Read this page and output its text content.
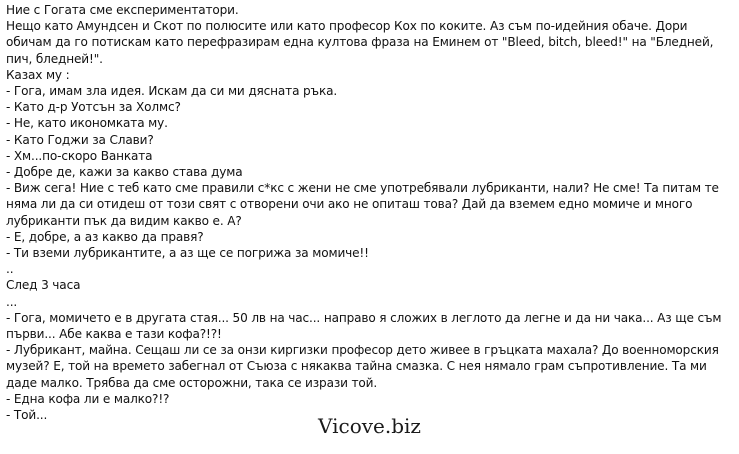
Ние с Гогата сме експериментатори.
Нещо като Амундсен и Скот по полюсите или като професор Кох по коките. Аз съм по-идейния обаче. Дори обичам да го потискам като перефразирам една култова фраза на Еминем от "Bleed, bitch, bleed!" на "Бледней, пич, бледней!".
Казах му :
- Гога, имам зла идея. Искам да си ми дясната ръка.
- Като д-р Уотсън за Холмс?
- Не, като икономката му.
- Като Годжи за Слави?
- Хм...по-скоро Ванката
- Добре де, кажи за какво става дума
- Виж сега! Ние с теб като сме правили с*кс с жени не сме употребявали лубриканти, нали? Не сме! Та питам те няма ли да си отидеш от този свят с отворени очи ако не опиташ това? Дай да вземем едно момиче и много лубриканти пък да видим какво е. А?
- Е, добре, а аз какво да правя?
- Ти вземи лубрикантите, а аз ще се погрижа за момиче!!
..
След 3 часа
...
- Гога, момичето е в другата стая... 50 лв на час... направо я сложих в леглото да легне и да ни чака... Аз ще съм първи... Абе каква е тази кофа?!?!
- Лубрикант, майна. Сещаш ли се за онзи киргизки професор дето живее в гръцката махала? До военноморския музей? Е, той на времето забегнал от Съюза с някаква тайна смазка. С нея нямало грам съпротивление. Та ми даде малко. Трябва да сме осторожни, така се изрази той.
- Една кофа ли е малко?!?
- Той...	Vicove.biz
